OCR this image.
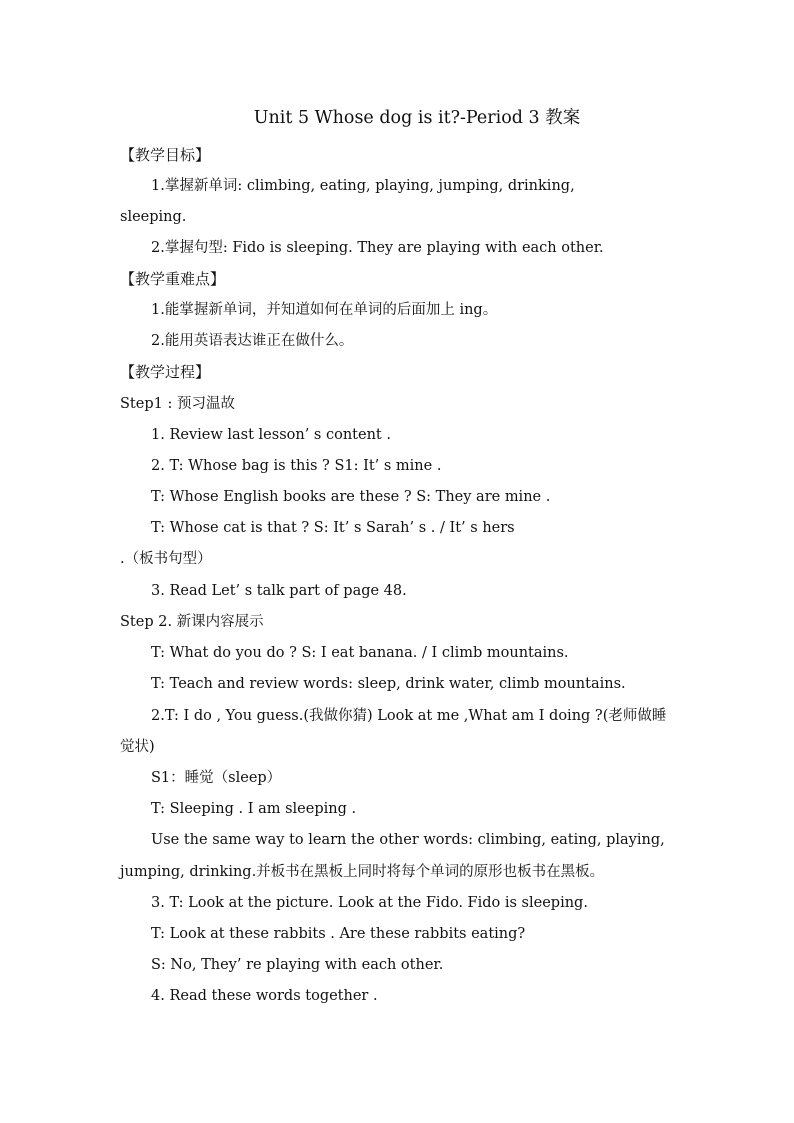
Unit 5 Whose dog is it?-Period 3 教案
【教学目标】
1.掌握新单词: climbing, eating, playing, jumping, drinking,
sleeping.
2.掌握句型: Fido is sleeping. They are playing with each other.
【教学重难点】
1.能掌握新单词，并知道如何在单词的后面加上 ing。
2.能用英语表达谁正在做什么。
【教学过程】
Step1 : 预习温故
1. Review last lesson’ s content .
2. T: Whose bag is this ? S1: It’ s mine .
T: Whose English books are these ? S: They are mine .
T: Whose cat is that ? S: It’ s Sarah’ s . / It’ s hers
.（板书句型）
3. Read Let’ s talk part of page 48.
Step 2. 新课内容展示
T: What do you do ? S: I eat banana. / I climb mountains.
T: Teach and review words: sleep, drink water, climb mountains.
2.T: I do , You guess.(我做你猜) Look at me ,What am I doing ?(老师做睡
觉状)
S1：睡觉（sleep）
T: Sleeping . I am sleeping .
Use the same way to learn the other words: climbing, eating, playing,
jumping, drinking.并板书在黑板上同时将每个单词的原形也板书在黑板。
3. T: Look at the picture. Look at the Fido. Fido is sleeping.
T: Look at these rabbits . Are these rabbits eating?
S: No, They’ re playing with each other.
4. Read these words together .
